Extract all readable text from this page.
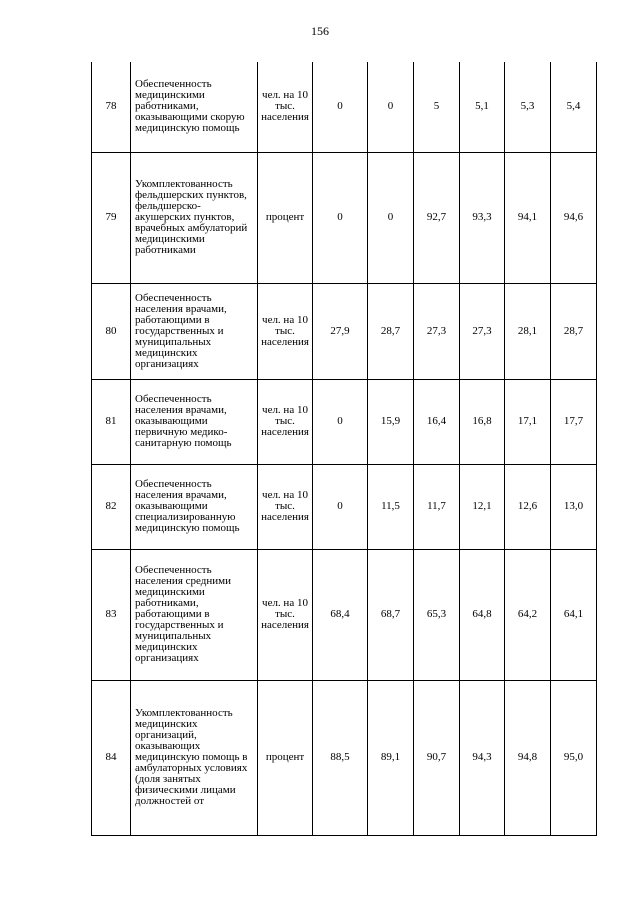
156
78	Обеспеченность медицинскими работниками, оказывающими скорую медицинскую помощь	чел. на 10 тыс. населения	0	0	5	5,1	5,3	5,4
79	Укомплектованность фельдшерских пунктов, фельдшерско-акушерских пунктов, врачебных амбулаторий медицинскими работниками	процент	0	0	92,7	93,3	94,1	94,6
80	Обеспеченность населения врачами, работающими в государственных и муниципальных медицинских организациях	чел. на 10 тыс. населения	27,9	28,7	27,3	27,3	28,1	28,7
81	Обеспеченность населения врачами, оказывающими первичную медико-санитарную помощь	чел. на 10 тыс. населения	0	15,9	16,4	16,8	17,1	17,7
82	Обеспеченность населения врачами, оказывающими специализированную медицинскую помощь	чел. на 10 тыс. населения	0	11,5	11,7	12,1	12,6	13,0
83	Обеспеченность населения средними медицинскими работниками, работающими в государственных и муниципальных медицинских организациях	чел. на 10 тыс. населения	68,4	68,7	65,3	64,8	64,2	64,1
84	Укомплектованность медицинских организаций, оказывающих медицинскую помощь в амбулаторных условиях (доля занятых физическими лицами должностей от	процент	88,5	89,1	90,7	94,3	94,8	95,0
